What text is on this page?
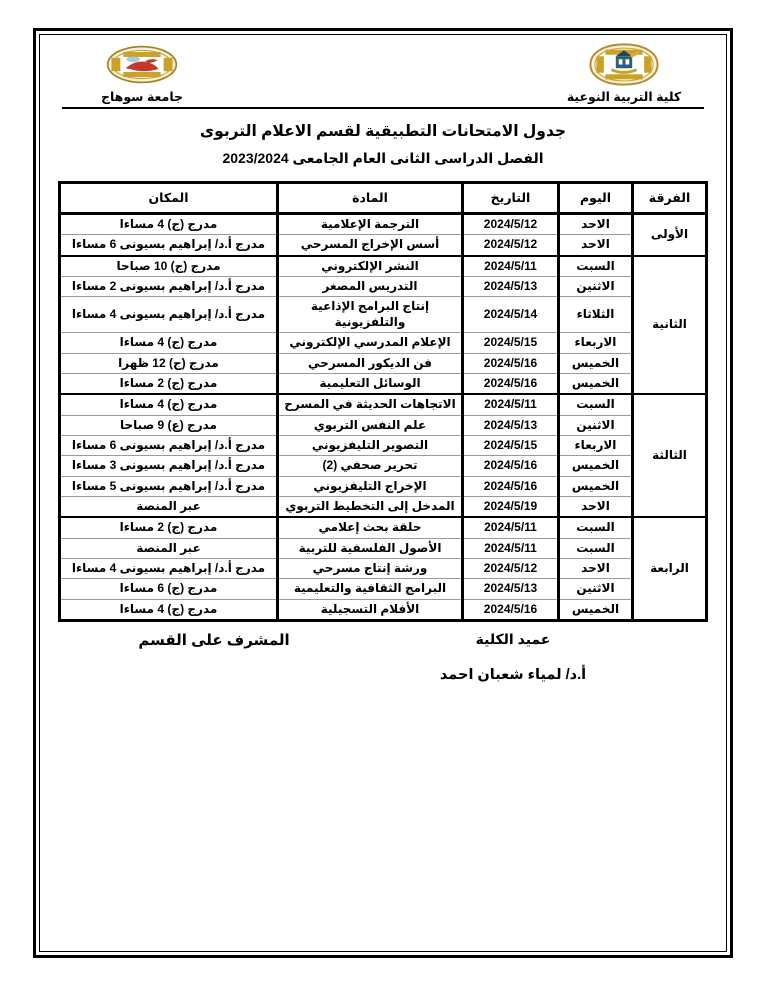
جامعة سوهاج	كلية التربية النوعية
جدول الامتحانات التطبيقية لقسم الاعلام التربوى
الفصل الدراسى الثانى العام الجامعى 2023/2024
الفرقة	اليوم	التاريخ	المادة	المكان
الأولى	الاحد	2024/5/12	الترجمة الإعلامية	مدرج (ج) 4 مساءا
	الاحد	2024/5/12	أسس الإخراج المسرحي	مدرج أ.د/ إبراهيم بسيونى 6 مساءا
الثانية	السبت	2024/5/11	النشر الإلكتروني	مدرج (ج) 10 صباحا
	الاثنين	2024/5/13	التدريس المصغر	مدرج أ.د/ إبراهيم بسيونى 2 مساءا
	الثلاثاء	2024/5/14	إنتاج البرامج الإذاعية والتلفزيونية	مدرج أ.د/ إبراهيم بسيونى 4 مساءا
	الاربعاء	2024/5/15	الإعلام المدرسي الإلكتروني	مدرج (ج) 4 مساءا
	الخميس	2024/5/16	فن الديكور المسرحي	مدرج (ج) 12 ظهرا
	الخميس	2024/5/16	الوسائل التعليمية	مدرج (ج) 2 مساءا
الثالثة	السبت	2024/5/11	الاتجاهات الحديثة في المسرح	مدرج (ج) 4 مساءا
	الاثنين	2024/5/13	علم النفس التربوي	مدرج (ع) 9 صباحا
	الاربعاء	2024/5/15	التصوير التليفزيوني	مدرج أ.د/ إبراهيم بسيونى 6 مساءا
	الخميس	2024/5/16	تحرير صحفي (2)	مدرج أ.د/ إبراهيم بسيونى 3 مساءا
	الخميس	2024/5/16	الإخراج التليفزيوني	مدرج أ.د/ إبراهيم بسيونى 5 مساءا
	الاحد	2024/5/19	المدخل إلى التخطيط التربوي	عبر المنصة
الرابعة	السبت	2024/5/11	حلقة بحث إعلامي	مدرج (ج) 2 مساءا
	السبت	2024/5/11	الأصول الفلسفية للتربية	عبر المنصة
	الاحد	2024/5/12	ورشة إنتاج مسرحي	مدرج أ.د/ إبراهيم بسيونى 4 مساءا
	الاثنين	2024/5/13	البرامج الثقافية والتعليمية	مدرج (ج) 6 مساءا
	الخميس	2024/5/16	الأفلام التسجيلية	مدرج (ج) 4 مساءا
المشرف على القسم	عميد الكلية
أ.د/ لمياء شعبان احمد
